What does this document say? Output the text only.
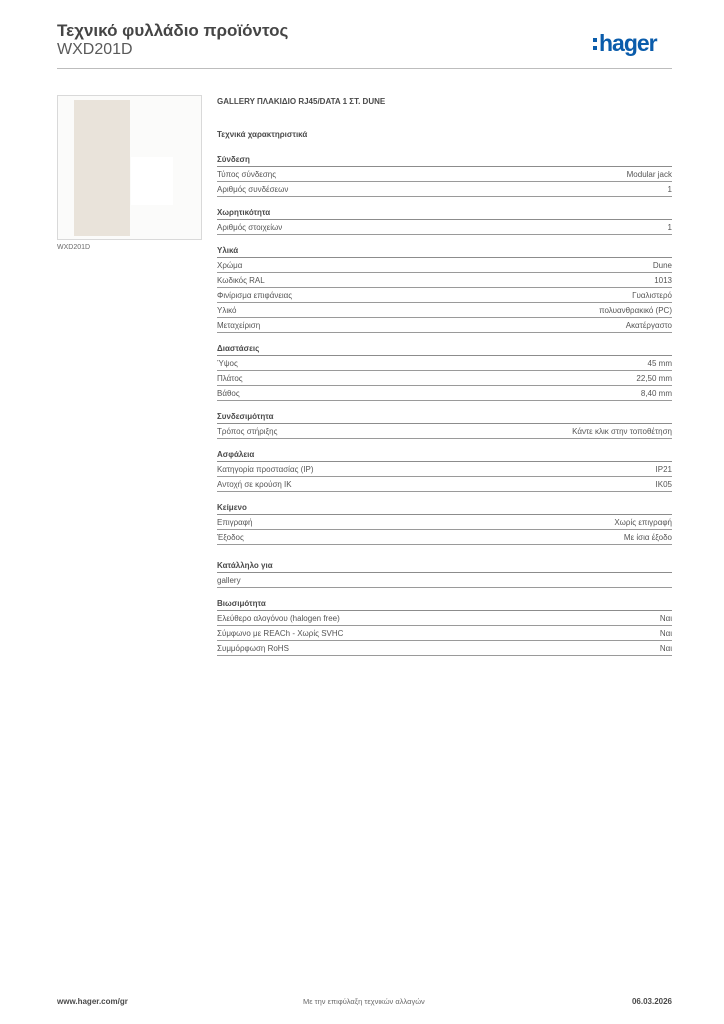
Τεχνικό φυλλάδιο προϊόντος
WXD201D	hager
WXD201D
GALLERY ΠΛΑΚΙΔΙΟ RJ45/DATA 1 ΣΤ. DUNE
Τεχνικά χαρακτηριστικά
Σύνδεση
Τύπος σύνδεσης	Modular jack
Αριθμός συνδέσεων	1
Χωρητικότητα
Αριθμός στοιχείων	1
Υλικά
Χρώμα	Dune
Κωδικός RAL	1013
Φινίρισμα επιφάνειας	Γυαλιστερό
Υλικό	πολυανθρακικό (PC)
Μεταχείριση	Ακατέργαστο
Διαστάσεις
Ύψος	45 mm
Πλάτος	22,50 mm
Βάθος	8,40 mm
Συνδεσιμότητα
Τρόπος στήριξης	Κάντε κλικ στην τοποθέτηση
Ασφάλεια
Κατηγορία προστασίας (IP)	IP21
Αντοχή σε κρούση IK	IK05
Κείμενο
Επιγραφή	Χωρίς επιγραφή
Έξοδος	Με ίσια έξοδο
Κατάλληλο για
gallery
Βιωσιμότητα
Ελεύθερο αλογόνου (halogen free)	Ναι
Σύμφωνο με REACh - Χωρίς SVHC	Ναι
Συμμόρφωση RoHS	Ναι
www.hager.com/gr	Με την επιφύλαξη τεχνικών αλλαγών	06.03.2026
